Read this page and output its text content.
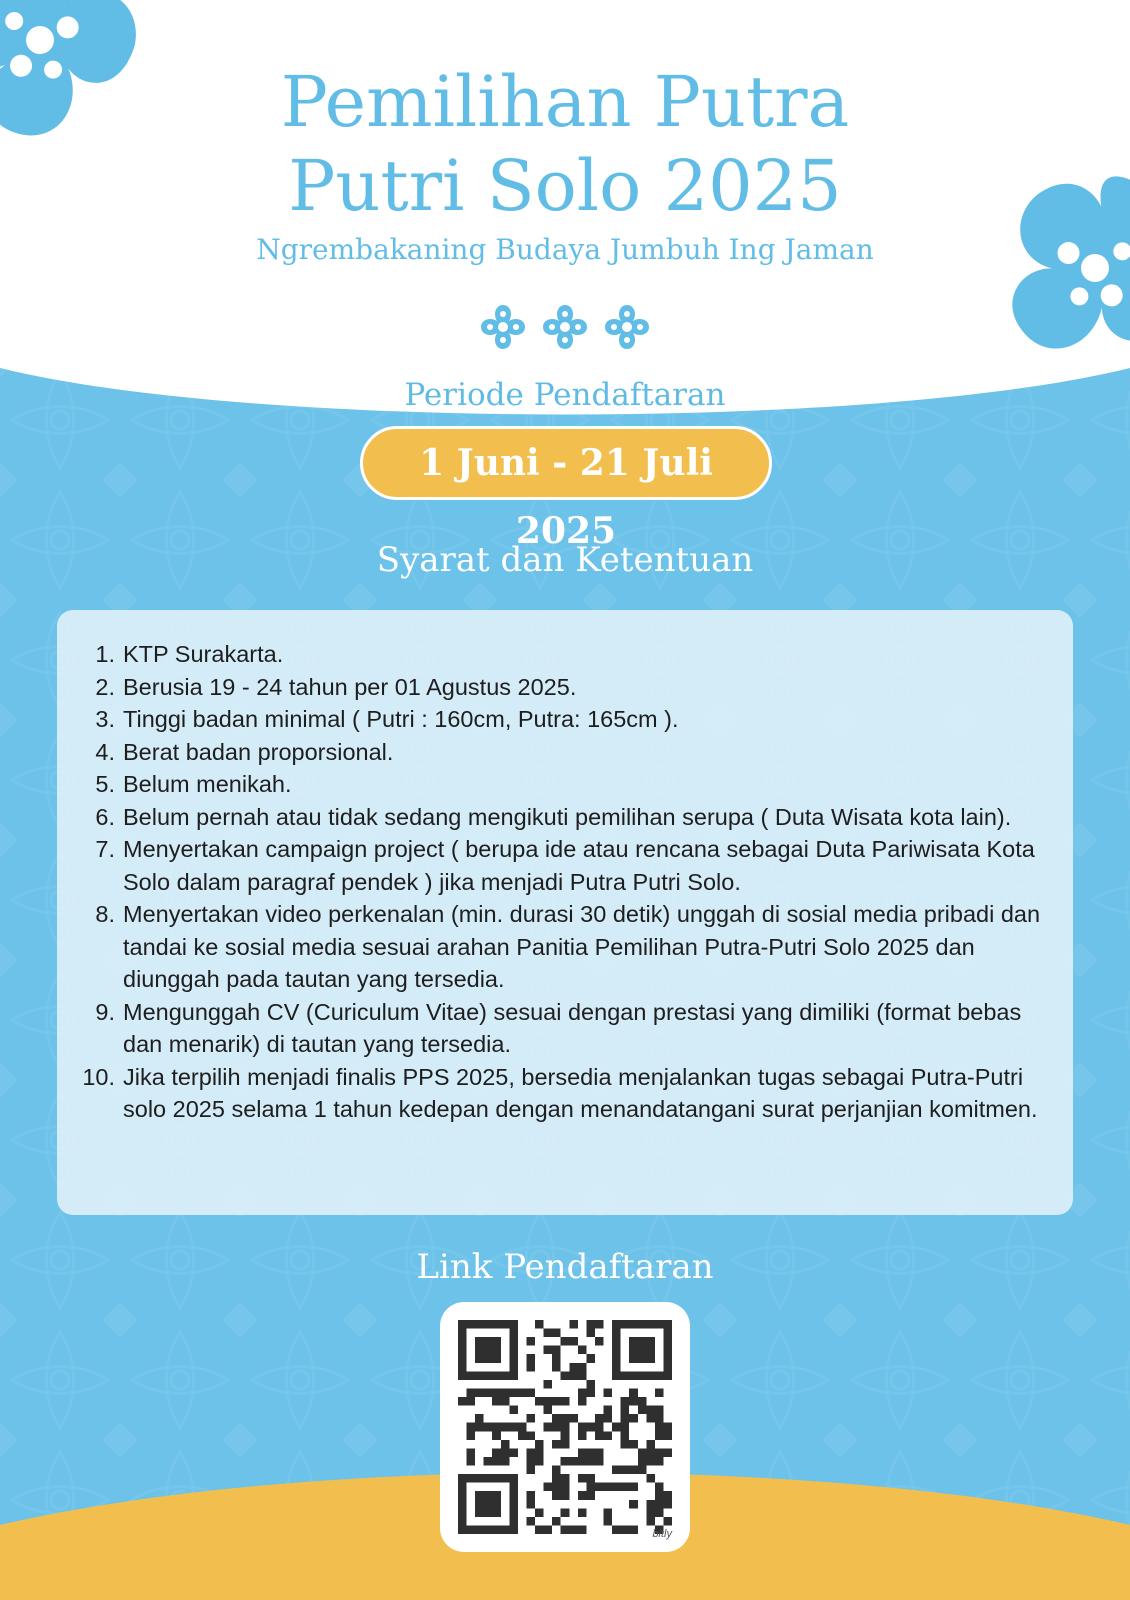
Pemilihan Putra
Putri Solo 2025
Ngrembakaning Budaya Jumbuh Ing Jaman
Periode Pendaftaran
1 Juni - 21 Juli 2025
Syarat dan Ketentuan
1. KTP Surakarta.
2. Berusia 19 - 24 tahun per 01 Agustus 2025.
3. Tinggi badan minimal ( Putri : 160cm, Putra: 165cm ).
4. Berat badan proporsional.
5. Belum menikah.
6. Belum pernah atau tidak sedang mengikuti pemilihan serupa ( Duta Wisata kota lain).
7. Menyertakan campaign project ( berupa ide atau rencana sebagai Duta Pariwisata Kota Solo dalam paragraf pendek ) jika menjadi Putra Putri Solo.
8. Menyertakan video perkenalan (min. durasi 30 detik) unggah di sosial media pribadi dan tandai ke sosial media sesuai arahan Panitia Pemilihan Putra-Putri Solo 2025 dan diunggah pada tautan yang tersedia.
9. Mengunggah CV (Curiculum Vitae) sesuai dengan prestasi yang dimiliki (format bebas dan menarik) di tautan yang tersedia.
10. Jika terpilih menjadi finalis PPS 2025, bersedia menjalankan tugas sebagai Putra-Putri solo 2025 selama 1 tahun kedepan dengan menandatangani surat perjanjian komitmen.
Link Pendaftaran
bitly
